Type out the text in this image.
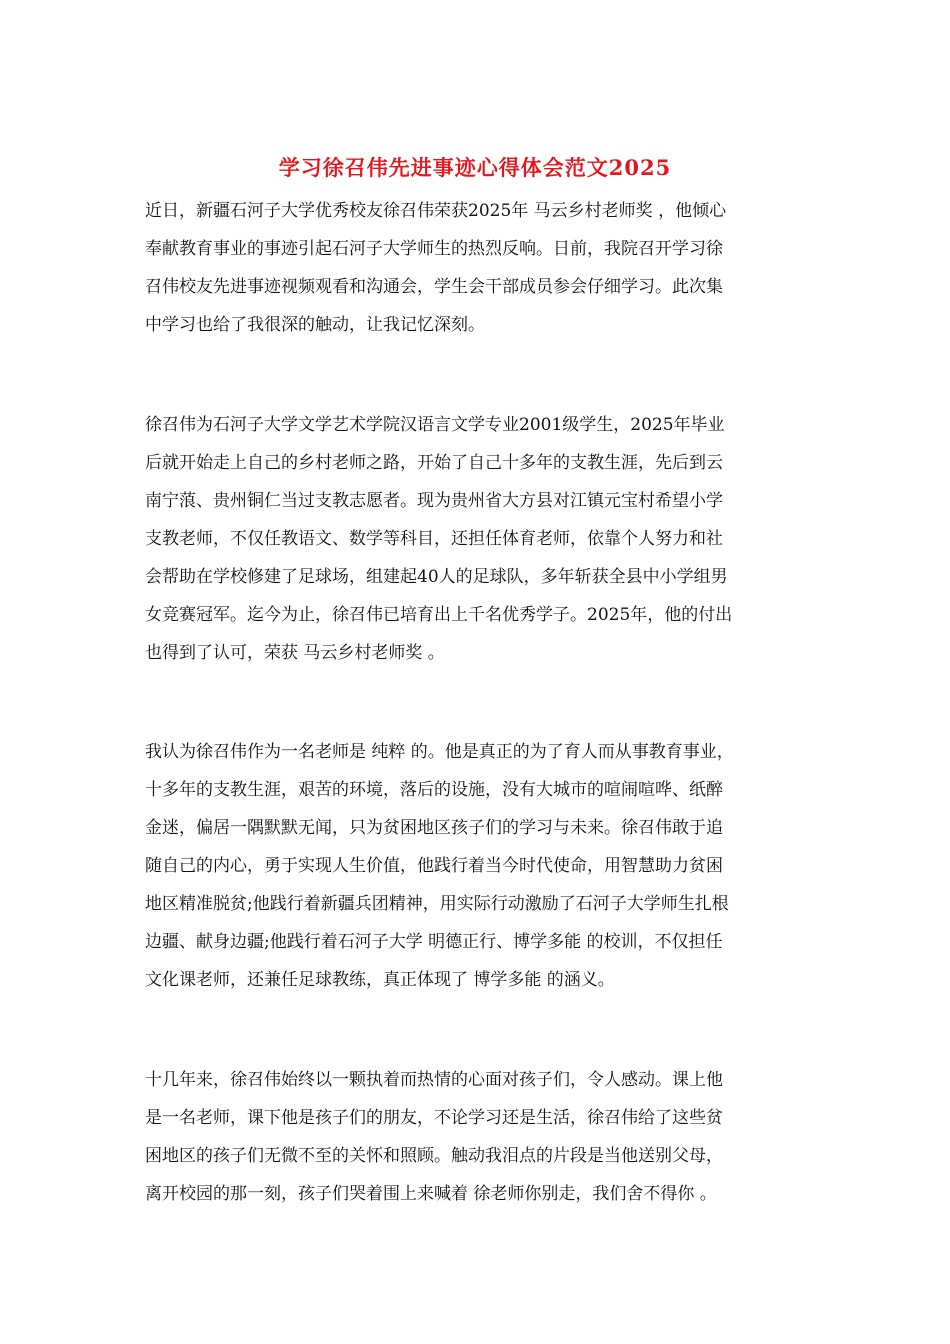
学习徐召伟先进事迹心得体会范文2025
近日，新疆石河子大学优秀校友徐召伟荣获2025年 马云乡村老师奖 ，他倾心
奉献教育事业的事迹引起石河子大学师生的热烈反响。日前，我院召开学习徐
召伟校友先进事迹视频观看和沟通会，学生会干部成员参会仔细学习。此次集
中学习也给了我很深的触动，让我记忆深刻。
徐召伟为石河子大学文学艺术学院汉语言文学专业2001级学生，2025年毕业
后就开始走上自己的乡村老师之路，开始了自己十多年的支教生涯，先后到云
南宁蒗、贵州铜仁当过支教志愿者。现为贵州省大方县对江镇元宝村希望小学
支教老师，不仅任教语文、数学等科目，还担任体育老师，依靠个人努力和社
会帮助在学校修建了足球场，组建起40人的足球队，多年斩获全县中小学组男
女竞赛冠军。迄今为止，徐召伟已培育出上千名优秀学子。2025年，他的付出
也得到了认可，荣获 马云乡村老师奖 。
我认为徐召伟作为一名老师是 纯粹 的。他是真正的为了育人而从事教育事业，
十多年的支教生涯，艰苦的环境，落后的设施，没有大城市的喧闹喧哗、纸醉
金迷，偏居一隅默默无闻，只为贫困地区孩子们的学习与未来。徐召伟敢于追
随自己的内心，勇于实现人生价值，他践行着当今时代使命，用智慧助力贫困
地区精准脱贫;他践行着新疆兵团精神，用实际行动激励了石河子大学师生扎根
边疆、献身边疆;他践行着石河子大学 明德正行、博学多能 的校训，不仅担任
文化课老师，还兼任足球教练，真正体现了 博学多能 的涵义。
十几年来，徐召伟始终以一颗执着而热情的心面对孩子们，令人感动。课上他
是一名老师，课下他是孩子们的朋友，不论学习还是生活，徐召伟给了这些贫
困地区的孩子们无微不至的关怀和照顾。触动我泪点的片段是当他送别父母，
离开校园的那一刻，孩子们哭着围上来喊着 徐老师你别走，我们舍不得你 。
